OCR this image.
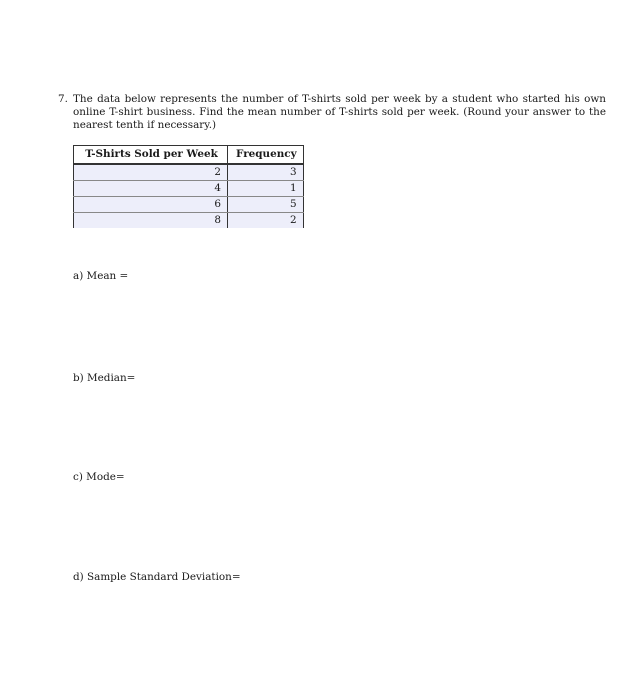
7. The data below represents the number of T-shirts sold per week by a student who started his own online T-shirt business. Find the mean number of T-shirts sold per week. (Round your answer to the nearest tenth if necessary.)
T-Shirts Sold per Week	Frequency
2	3
4	1
6	5
8	2
a) Mean =
b) Median=
c) Mode=
d) Sample Standard Deviation=
